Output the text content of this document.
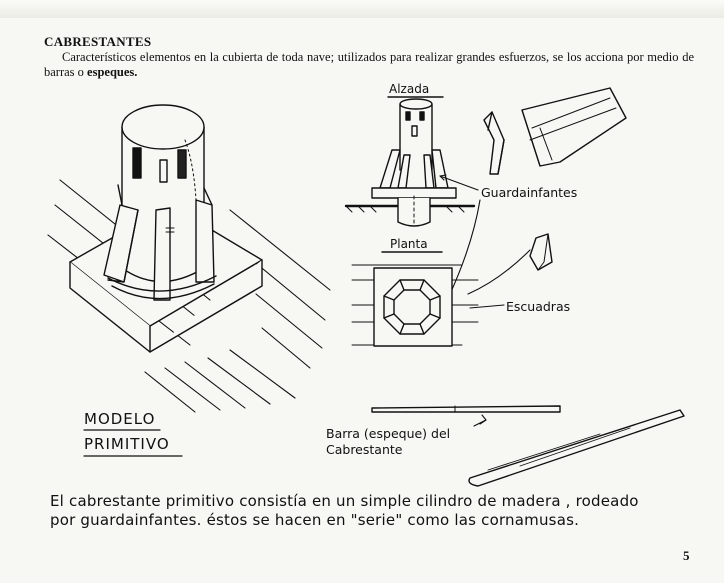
CABRESTANTES
Característicos elementos en la cubierta de toda nave; utilizados para realizar grandes esfuerzos, se los acciona por medio de barras o espeques.
Alzada
Planta
Guardainfantes
Escuadras
MODELO
PRIMITIVO
Barra (espeque) del
Cabrestante
El cabrestante primitivo consistía en un simple cilindro de madera , rodeado
por guardainfantes. éstos se hacen en "serie" como las cornamusas.
5
